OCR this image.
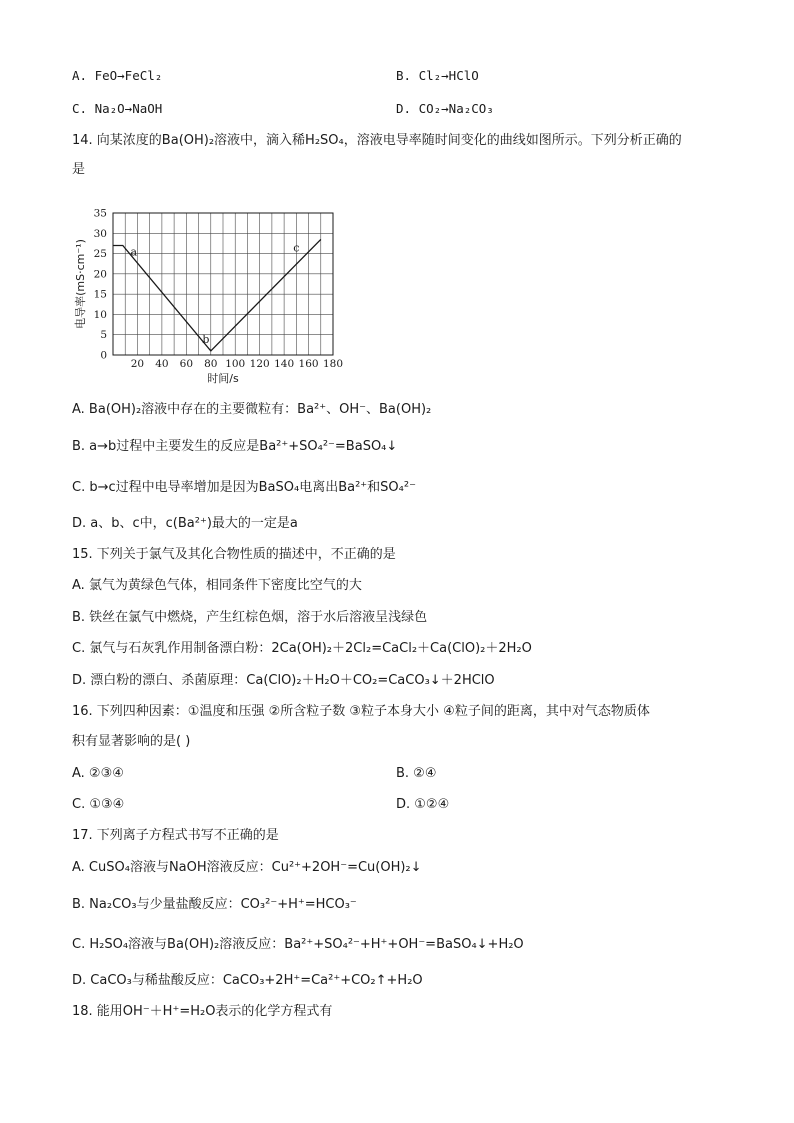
A. FeO→FeCl₂	B. Cl₂→HClO
C. Na₂O→NaOH	D. CO₂→Na₂CO₃
14. 向某浓度的Ba(OH)₂溶液中，滴入稀H₂SO₄，溶液电导率随时间变化的曲线如图所示。下列分析正确的
是
0
5
10
15
20
25
30
35
20 40 60 80 100 120 140 160 180
时间/s
电导率(mS·cm⁻¹)	a
b
c
A. Ba(OH)₂溶液中存在的主要微粒有：Ba²⁺、OH⁻、Ba(OH)₂
B. a→b过程中主要发生的反应是Ba²⁺+SO₄²⁻=BaSO₄↓
C. b→c过程中电导率增加是因为BaSO₄电离出Ba²⁺和SO₄²⁻
D. a、b、c中，c(Ba²⁺)最大的一定是a
15. 下列关于氯气及其化合物性质的描述中，不正确的是
A. 氯气为黄绿色气体，相同条件下密度比空气的大
B. 铁丝在氯气中燃烧，产生红棕色烟，溶于水后溶液呈浅绿色
C. 氯气与石灰乳作用制备漂白粉：2Ca(OH)₂＋2Cl₂=CaCl₂＋Ca(ClO)₂＋2H₂O
D. 漂白粉的漂白、杀菌原理：Ca(ClO)₂＋H₂O＋CO₂=CaCO₃↓＋2HClO
16. 下列四种因素：①温度和压强 ②所含粒子数 ③粒子本身大小 ④粒子间的距离，其中对气态物质体
积有显著影响的是( )
A. ②③④	B. ②④
C. ①③④	D. ①②④
17. 下列离子方程式书写不正确的是
A. CuSO₄溶液与NaOH溶液反应：Cu²⁺+2OH⁻=Cu(OH)₂↓
B. Na₂CO₃与少量盐酸反应：CO₃²⁻+H⁺=HCO₃⁻
C. H₂SO₄溶液与Ba(OH)₂溶液反应：Ba²⁺+SO₄²⁻+H⁺+OH⁻=BaSO₄↓+H₂O
D. CaCO₃与稀盐酸反应：CaCO₃+2H⁺=Ca²⁺+CO₂↑+H₂O
18. 能用OH⁻＋H⁺=H₂O表示的化学方程式有
